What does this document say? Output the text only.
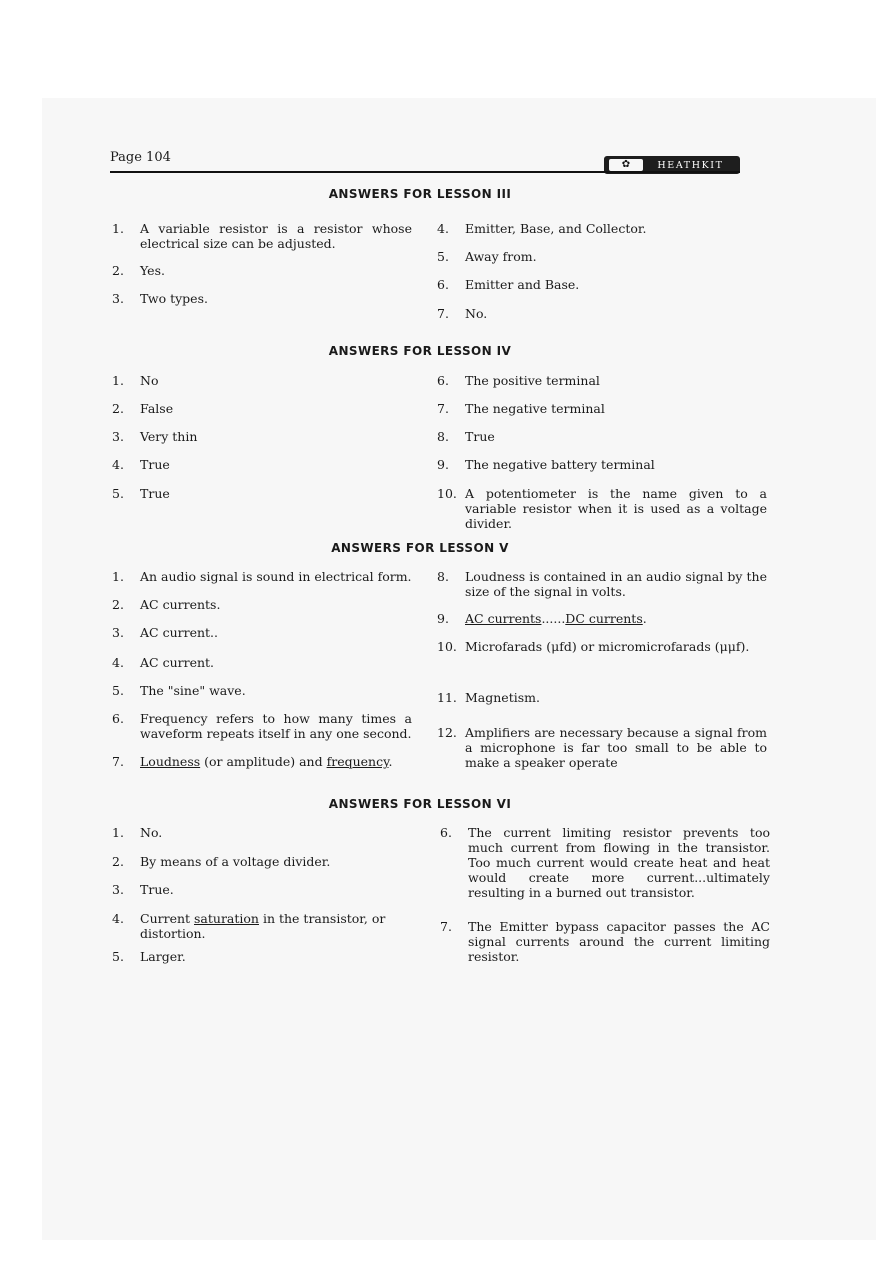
Page 104	✿	HEATHKIT
ANSWERS FOR LESSON III
1. A variable resistor is a resistor whose electrical size can be adjusted.
2. Yes.
3. Two types.
4. Emitter, Base, and Collector.
5. Away from.
6. Emitter and Base.
7. No.
ANSWERS FOR LESSON IV
1. No
2. False
3. Very thin
4. True
5. True
6. The positive terminal
7. The negative terminal
8. True
9. The negative battery terminal
10. A potentiometer is the name given to a variable resistor when it is used as a voltage divider.
ANSWERS FOR LESSON V
1. An audio signal is sound in electrical form.
2. AC currents.
3. AC current..
4. AC current.
5. The "sine" wave.
6. Frequency refers to how many times a waveform repeats itself in any one second.
7. Loudness (or amplitude) and frequency.
8. Loudness is contained in an audio signal by the size of the signal in volts.
9. AC currents......DC currents.
10. Microfarads (μfd) or micromicrofarads (μμf).
11. Magnetism.
12. Amplifiers are necessary because a signal from a microphone is far too small to be able to make a speaker operate
ANSWERS FOR LESSON VI
1. No.
2. By means of a voltage divider.
3. True.
4. Current saturation in the transistor, or distortion.
5. Larger.
6. The current limiting resistor prevents too much current from flowing in the transistor. Too much current would create heat and heat would create more current...ultimately resulting in a burned out transistor.
7. The Emitter bypass capacitor passes the AC signal currents around the current limiting resistor.
